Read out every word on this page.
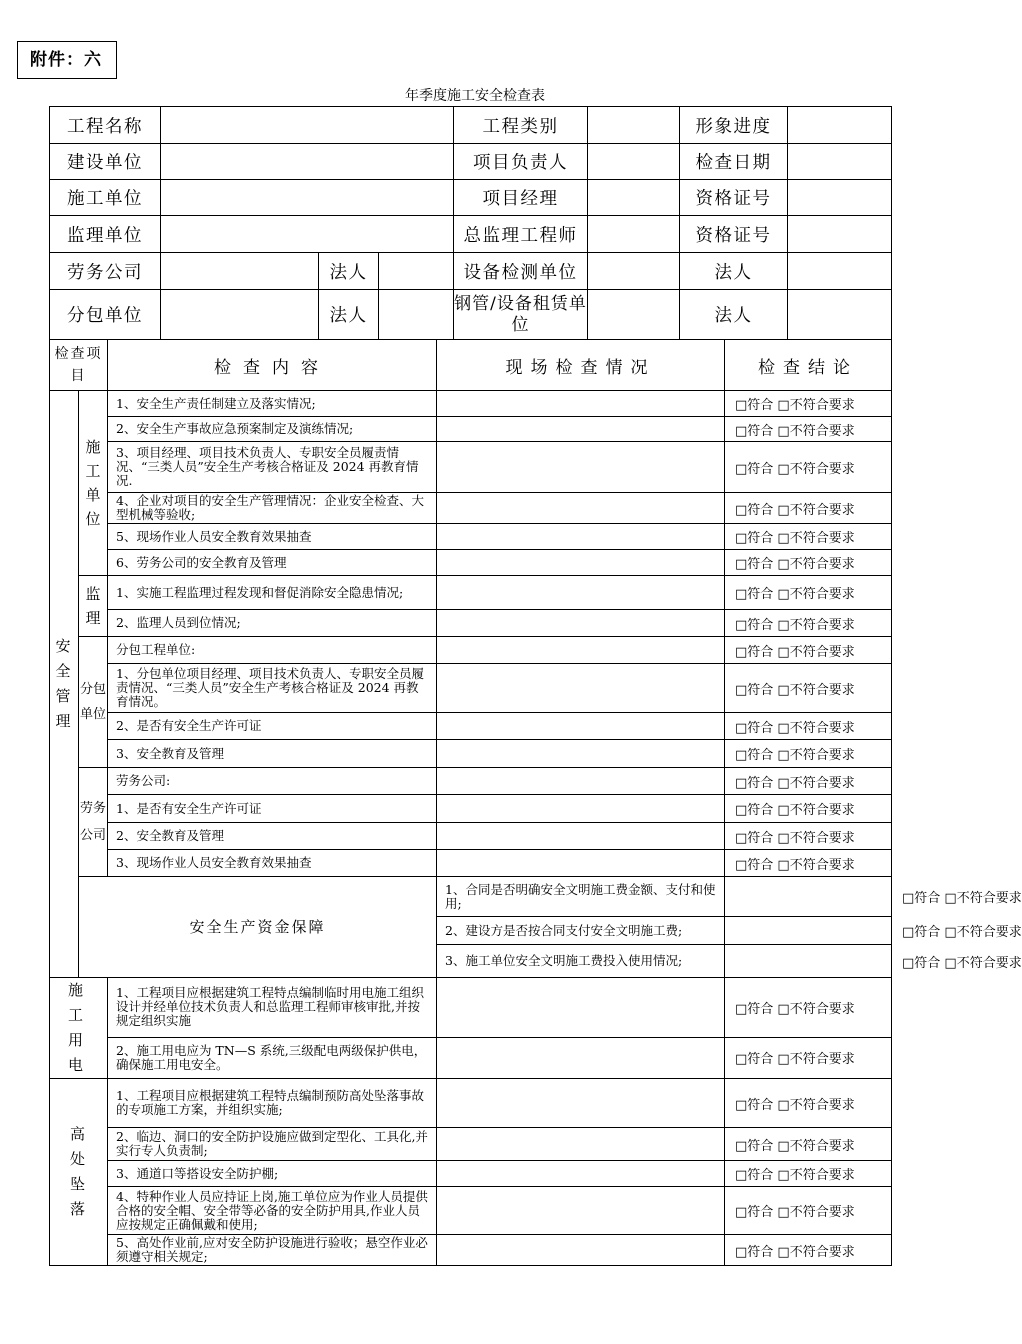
附件：六
年季度施工安全检查表
工程名称				工程类别		形象进度	
建设单位				项目负责人		检查日期	
施工单位				项目经理		资格证号	
监理单位				总监理工程师		资格证号	
劳务公司		法人		设备检测单位		法人	
分包单位		法人		钢管/设备租赁单位		法人	
检查项目		检查内容	现场检查情况	检查结论	
安全管理	施工单位	1、安全生产责任制建立及落实情况;		□符合 □不符合要求	
		2、安全生产事故应急预案制定及演练情况;		□符合 □不符合要求	
		3、项目经理、项目技术负责人、专职安全员履责情况、“三类人员”安全生产考核合格证及 2024 再教育情况.		□符合 □不符合要求	
		4、企业对项目的安全生产管理情况：企业安全检查、大型机械等验收;		□符合 □不符合要求	
		5、现场作业人员安全教育效果抽查		□符合 □不符合要求	
		6、劳务公司的安全教育及管理		□符合 □不符合要求	
	监理	1、实施工程监理过程发现和督促消除安全隐患情况;		□符合 □不符合要求	
		2、监理人员到位情况;		□符合 □不符合要求	
	分包单位	分包工程单位:		□符合 □不符合要求	
		1、分包单位项目经理、项目技术负责人、专职安全员履责情况、“三类人员”安全生产考核合格证及 2024 再教育情况。		□符合 □不符合要求	
		2、是否有安全生产许可证		□符合 □不符合要求	
		3、安全教育及管理		□符合 □不符合要求	
	劳务公司	劳务公司:		□符合 □不符合要求	
		1、是否有安全生产许可证		□符合 □不符合要求	
		2、安全教育及管理		□符合 □不符合要求	
		3、现场作业人员安全教育效果抽查		□符合 □不符合要求	
	安全生产资金保障		1、合同是否明确安全文明施工费金额、支付和使用;		□符合 □不符合要求
			2、建设方是否按合同支付安全文明施工费;		□符合 □不符合要求
			3、施工单位安全文明施工费投入使用情况;		□符合 □不符合要求
施工用电		1、工程项目应根据建筑工程特点编制临时用电施工组织设计并经单位技术负责人和总监理工程师审核审批,并按规定组织实施		□符合 □不符合要求	
		2、施工用电应为 TN—S 系统,三级配电两级保护供电，确保施工用电安全。		□符合 □不符合要求	
高处坠落		1、工程项目应根据建筑工程特点编制预防高处坠落事故的专项施工方案，并组织实施;		□符合 □不符合要求	
		2、临边、洞口的安全防护设施应做到定型化、工具化,并实行专人负责制;		□符合 □不符合要求	
		3、通道口等搭设安全防护棚;		□符合 □不符合要求	
		4、特种作业人员应持证上岗,施工单位应为作业人员提供合格的安全帽、安全带等必备的安全防护用具,作业人员应按规定正确佩戴和使用;		□符合 □不符合要求	
		5、高处作业前,应对安全防护设施进行验收；悬空作业必须遵守相关规定;		□符合 □不符合要求	
